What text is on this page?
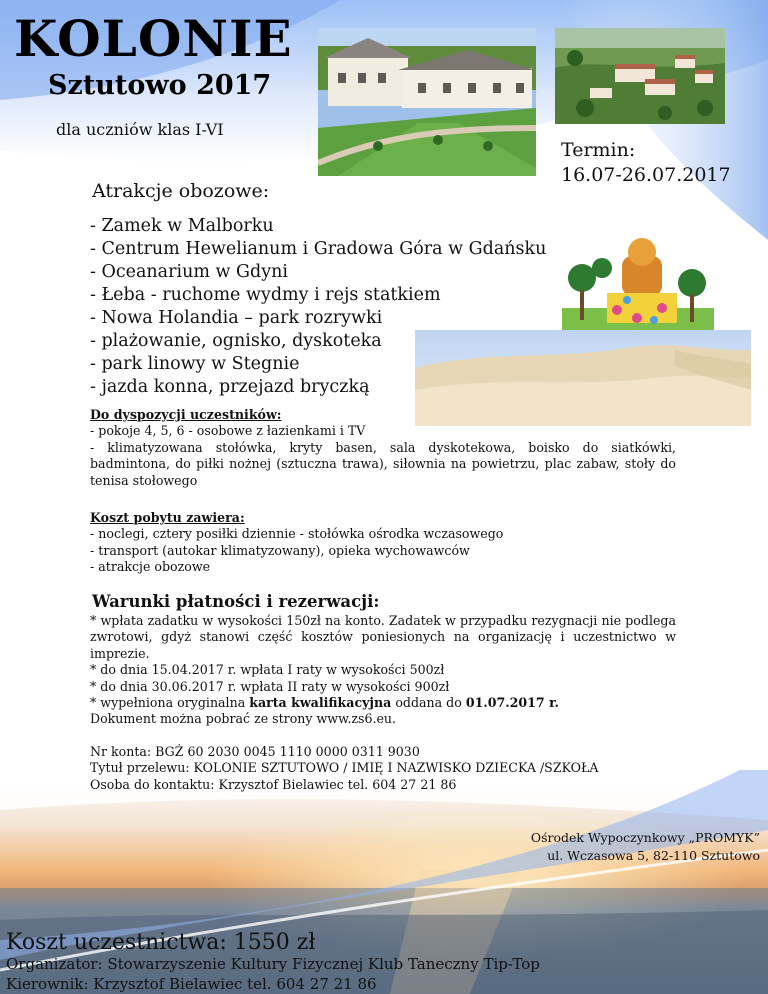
KOLONIE
Sztutowo 2017

dla uczniów klas I-VI

Termin:
16.07-26.07.2017
Atrakcje obozowe:
- Zamek w Malborku
- Centrum Hewelianum i Gradowa Góra w Gdańsku
- Oceanarium w Gdyni
- Łeba - ruchome wydmy i rejs statkiem
- Nowa Holandia – park rozrywki
- plażowanie, ognisko, dyskoteka
- park linowy w Stegnie
- jazda konna, przejazd bryczką
Do dyspozycji uczestników:
- pokoje 4, 5, 6 - osobowe z łazienkami i TV
- klimatyzowana stołówka, kryty basen, sala dyskotekowa, boisko do siatkówki, badmintona, do piłki nożnej (sztuczna trawa), siłownia na powietrzu, plac zabaw, stoły do tenisa stołowego
Koszt pobytu zawiera:
- noclegi, cztery posiłki dziennie - stołówka ośrodka wczasowego
- transport (autokar klimatyzowany), opieka wychowawców
- atrakcje obozowe
Warunki płatności i rezerwacji:
* wpłata zadatku w wysokości 150zł na konto. Zadatek w przypadku rezygnacji nie podlega zwrotowi, gdyż stanowi część kosztów poniesionych na organizację i uczestnictwo w imprezie.
* do dnia 15.04.2017 r. wpłata I raty w wysokości 500zł
* do dnia 30.06.2017 r. wpłata II raty w wysokości 900zł
* wypełniona oryginalna karta kwalifikacyjna oddana do 01.07.2017 r.
Dokument można pobrać ze strony www.zs6.eu.
Nr konta: BGŻ 60 2030 0045 1110 0000 0311 9030
Tytuł przelewu: KOLONIE SZTUTOWO / IMIĘ I NAZWISKO DZIECKA /SZKOŁA
Osoba do kontaktu: Krzysztof Bielawiec tel. 604 27 21 86
Ośrodek Wypoczynkowy „PROMYK”
ul. Wczasowa 5, 82-110 Sztutowo
Koszt uczestnictwa: 1550 zł
Organizator: Stowarzyszenie Kultury Fizycznej Klub Taneczny Tip-Top
Kierownik: Krzysztof Bielawiec tel. 604 27 21 86
